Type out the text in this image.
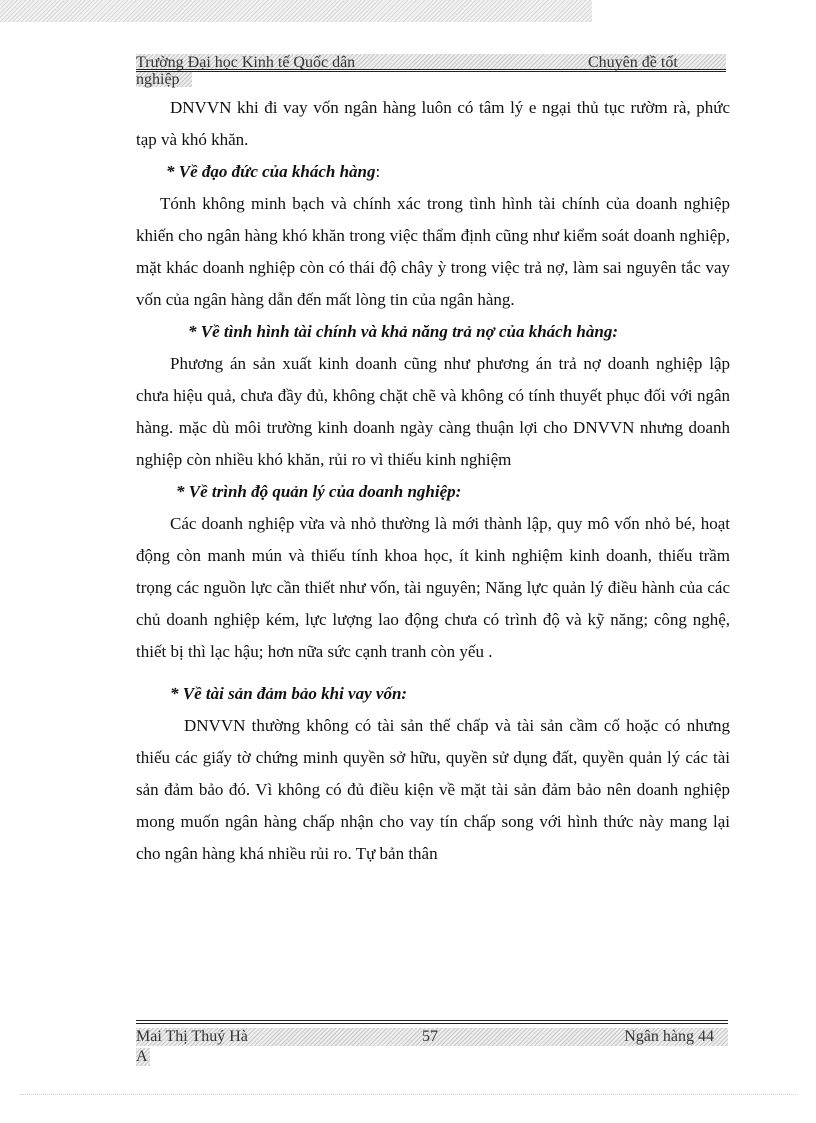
Trường Đại học Kinh tế Quốc dân	Chuyên đề tốt
nghiệp

DNVVN khi đi vay vốn ngân hàng luôn có tâm lý e ngại thủ tục rườm rà, phức tạp và khó khăn.

* Về đạo đức của khách hàng:

Tónh không minh bạch và chính xác trong tình hình tài chính của doanh nghiệp khiến cho ngân hàng khó khăn trong việc thẩm định cũng như kiểm soát doanh nghiệp, mặt khác doanh nghiệp còn có thái độ chây ỳ trong việc trả nợ, làm sai nguyên tắc vay vốn của ngân hàng dẫn đến mất lòng tin của ngân hàng.

* Về tình hình tài chính và khả năng trả nợ của khách hàng:

Phương án sản xuất kinh doanh cũng như phương án trả nợ doanh nghiệp lập chưa hiệu quả, chưa đầy đủ, không chặt chẽ và không có tính thuyết phục đối với ngân hàng. mặc dù môi trường kinh doanh ngày càng thuận lợi cho DNVVN nhưng doanh nghiệp còn nhiều khó khăn, rủi ro vì thiếu kinh nghiệm

* Về trình độ quản lý của doanh nghiệp:

Các doanh nghiệp vừa và nhỏ thường là mới thành lập, quy mô vốn nhỏ bé, hoạt động còn manh mún và thiếu tính khoa học, ít kinh nghiệm kinh doanh, thiếu trầm trọng các nguồn lực cần thiết như vốn, tài nguyên; Năng lực quản lý điều hành của các chủ doanh nghiệp kém, lực lượng lao động chưa có trình độ và kỹ năng; công nghệ, thiết bị thì lạc hậu; hơn nữa sức cạnh tranh còn yếu .

* Về tài sản đảm bảo khi vay vốn:

DNVVN thường không có tài sản thế chấp và tài sản cầm cố hoặc có nhưng thiếu các giấy tờ chứng minh quyền sở hữu, quyền sử dụng đất, quyền quản lý các tài sản đảm bảo đó. Vì không có đủ điều kiện về mặt tài sản đảm bảo nên doanh nghiệp mong muốn ngân hàng chấp nhận cho vay tín chấp song với hình thức này mang lại cho ngân hàng khá nhiều rủi ro. Tự bản thân

Mai Thị Thuý Hà	57	Ngân hàng 44
A
